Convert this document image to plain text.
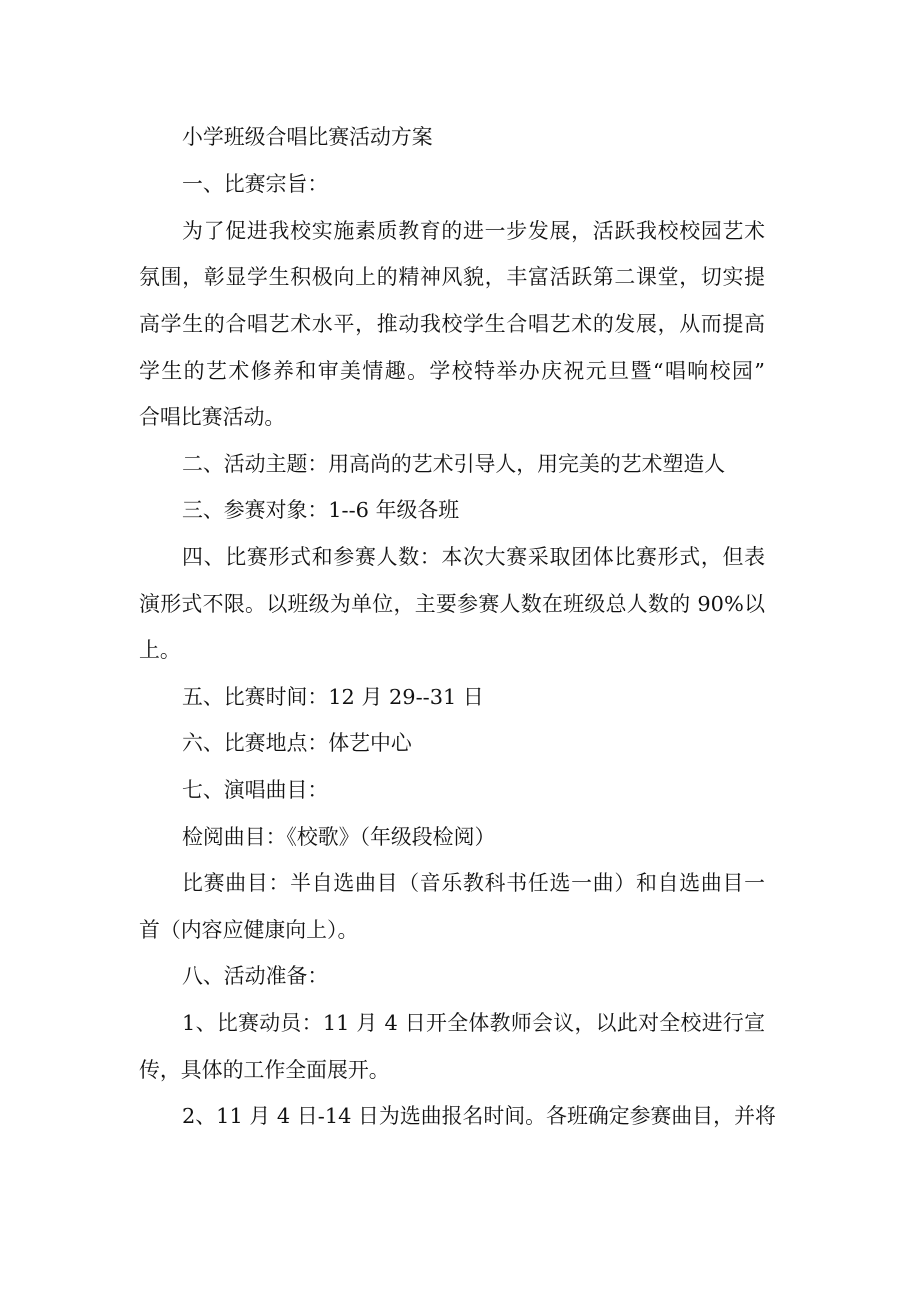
小学班级合唱比赛活动方案
一、比赛宗旨：
为了促进我校实施素质教育的进一步发展，活跃我校校园艺术
氛围，彰显学生积极向上的精神风貌，丰富活跃第二课堂，切实提
高学生的合唱艺术水平，推动我校学生合唱艺术的发展，从而提高
学生的艺术修养和审美情趣。学校特举办庆祝元旦暨“唱响校园”
合唱比赛活动。
二、活动主题：用高尚的艺术引导人，用完美的艺术塑造人
三、参赛对象：1--6 年级各班
四、比赛形式和参赛人数：本次大赛采取团体比赛形式，但表
演形式不限。以班级为单位，主要参赛人数在班级总人数的 90%以
上。
五、比赛时间：12 月 29--31 日
六、比赛地点：体艺中心
七、演唱曲目：
检阅曲目：《校歌》（年级段检阅）
比赛曲目：半自选曲目（音乐教科书任选一曲）和自选曲目一
首（内容应健康向上）。
八、活动准备：
1、比赛动员：11 月 4 日开全体教师会议，以此对全校进行宣
传，具体的工作全面展开。
2、11 月 4 日-14 日为选曲报名时间。各班确定参赛曲目，并将
